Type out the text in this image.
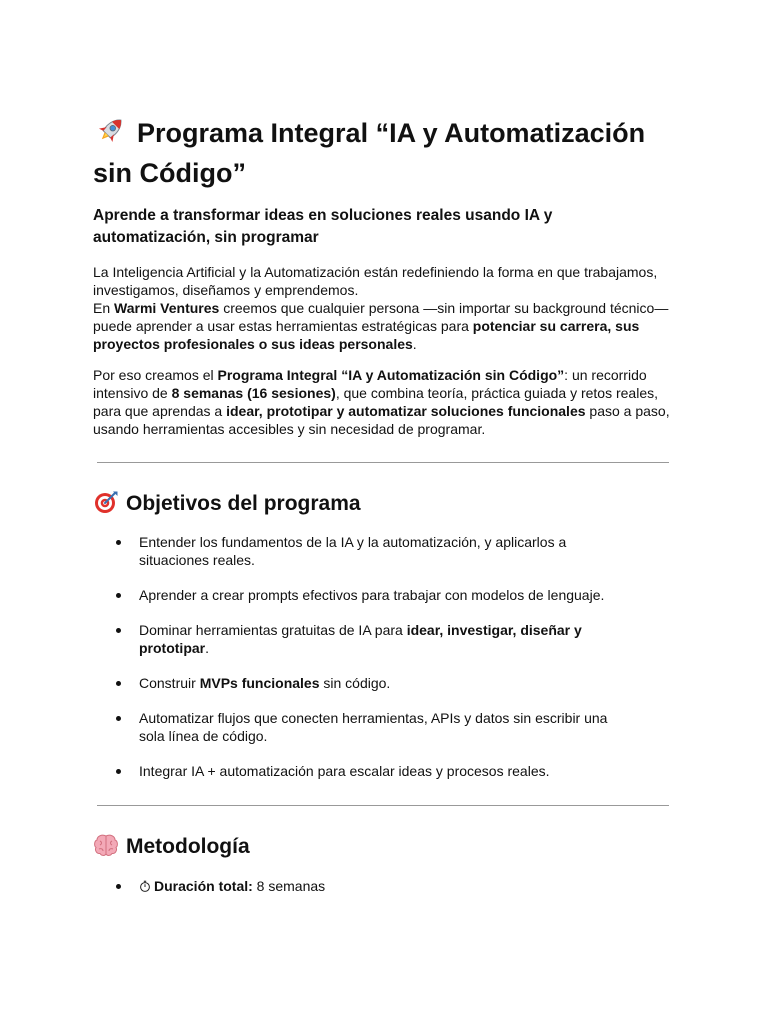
Programa Integral “IA y Automatización sin Código”
Aprende a transformar ideas en soluciones reales usando IA y automatización, sin programar

La Inteligencia Artificial y la Automatización están redefiniendo la forma en que trabajamos, investigamos, diseñamos y emprendemos.
En Warmi Ventures creemos que cualquier persona —sin importar su background técnico— puede aprender a usar estas herramientas estratégicas para potenciar su carrera, sus proyectos profesionales o sus ideas personales.

Por eso creamos el Programa Integral “IA y Automatización sin Código”: un recorrido intensivo de 8 semanas (16 sesiones), que combina teoría, práctica guiada y retos reales, para que aprendas a idear, prototipar y automatizar soluciones funcionales paso a paso, usando herramientas accesibles y sin necesidad de programar.

Objetivos del programa
Entender los fundamentos de la IA y la automatización, y aplicarlos a situaciones reales.
Aprender a crear prompts efectivos para trabajar con modelos de lenguaje.
Dominar herramientas gratuitas de IA para idear, investigar, diseñar y prototipar.
Construir MVPs funcionales sin código.
Automatizar flujos que conecten herramientas, APIs y datos sin escribir una sola línea de código.
Integrar IA + automatización para escalar ideas y procesos reales.
Metodología
Duración total: 8 semanas
